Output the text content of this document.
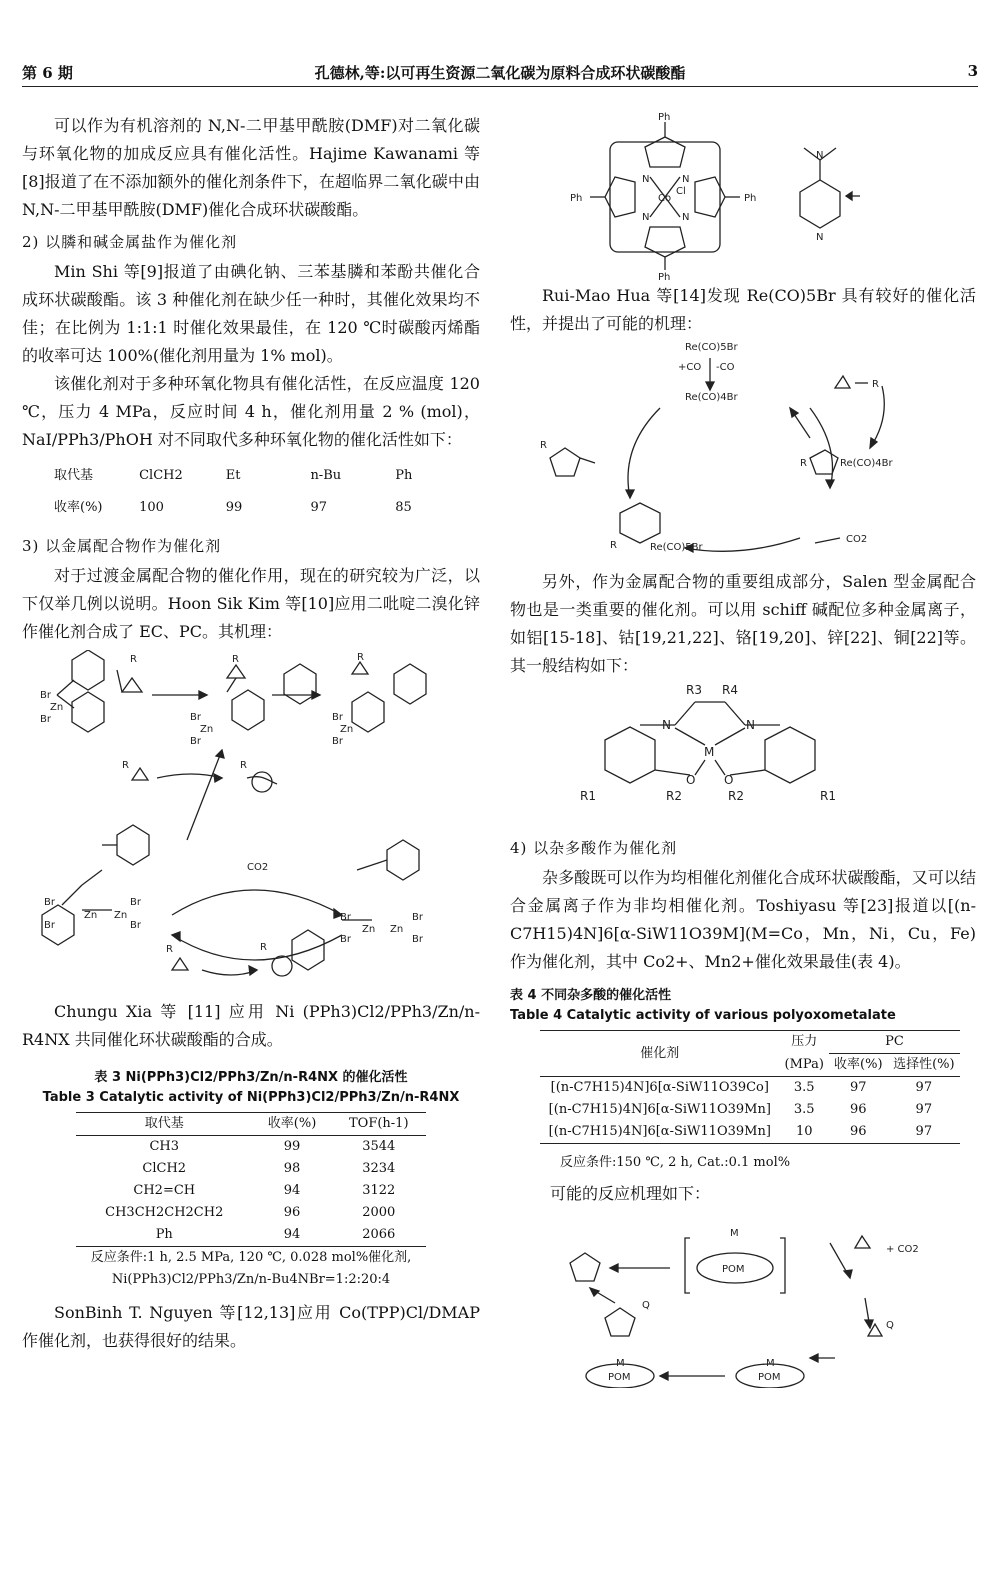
第 6 期	孔德林,等:以可再生资源二氧化碳为原料合成环状碳酸酯	3

可以作为有机溶剂的 N,N-二甲基甲酰胺(DMF)对二氧化碳与环氧化物的加成反应具有催化活性。Hajime Kawanami 等[8]报道了在不添加额外的催化剂条件下，在超临界二氧化碳中由 N,N-二甲基甲酰胺(DMF)催化合成环状碳酸酯。

2) 以膦和碱金属盐作为催化剂

Min Shi 等[9]报道了由碘化钠、三苯基膦和苯酚共催化合成环状碳酸酯。该 3 种催化剂在缺少任一种时，其催化效果均不佳；在比例为 1:1:1 时催化效果最佳，在 120 ℃时碳酸丙烯酯的收率可达 100%(催化剂用量为 1% mol)。

该催化剂对于多种环氧化物具有催化活性，在反应温度 120 ℃，压力 4 MPa，反应时间 4 h，催化剂用量 2 % (mol)，NaI/PPh3/PhOH 对不同取代多种环氧化物的催化活性如下：

取代基	ClCH2	Et	n-Bu	Ph
收率(%)	100	99	97	85
3) 以金属配合物作为催化剂

对于过渡金属配合物的催化作用，现在的研究较为广泛，以下仅举几例以说明。Hoon Sik Kim 等[10]应用二吡啶二溴化锌作催化剂合成了 EC、PC。其机理：

Br
Zn
Br
R
Br
Zn
Br
R
Br
Zn
Br
R
R	R
CO2
Br
Zn Zn
Br
Br
Br
Br
Zn Zn
Br
Br
Br
R	R

Chungu Xia 等 [11] 应用 Ni (PPh3)Cl2/PPh3/Zn/n-R4NX 共同催化环状碳酸酯的合成。

表 3 Ni(PPh3)Cl2/PPh3/Zn/n-R4NX 的催化活性
Table 3 Catalytic activity of Ni(PPh3)Cl2/PPh3/Zn/n-R4NX
取代基	收率(%)	TOF(h-1)
CH3	99	3544
ClCH2	98	3234
CH2=CH	94	3122
CH3CH2CH2CH2	96	2000
Ph	94	2066
反应条件:1 h, 2.5 MPa, 120 ℃, 0.028 mol%催化剂,
Ni(PPh3)Cl2/PPh3/Zn/n-Bu4NBr=1:2:20:4

SonBinh T. Nguyen 等[12,13]应用 Co(TPP)Cl/DMAP 作催化剂，也获得很好的结果。

Ph
Ph
Ph	Ph
Co
Cl
N	N
N	N
N
N

Rui-Mao Hua 等[14]发现 Re(CO)5Br 具有较好的催化活性，并提出了可能的机理：

Re(CO)5Br
+CO -CO
Re(CO)4Br
R
R
R	Re(CO)4Br
R	Re(CO)5Br
CO2

另外，作为金属配合物的重要组成部分，Salen 型金属配合物也是一类重要的催化剂。可以用 schiff 碱配位多种金属离子，如铝[15-18]、钴[19,21,22]、铬[19,20]、锌[22]、铜[22]等。其一般结构如下：

R3 R4
N	N
M
O O
R1	R2	R2	R1
4) 以杂多酸作为催化剂

杂多酸既可以作为均相催化剂催化合成环状碳酸酯，又可以结合金属离子作为非均相催化剂。Toshiyasu 等[23]报道以[(n-C7H15)4N]6[α-SiW11O39M](M=Co，Mn，Ni，Cu，Fe)作为催化剂，其中 Co2+、Mn2+催化效果最佳(表 4)。

表 4 不同杂多酸的催化活性
Table 4 Catalytic activity of various polyoxometalate
催化剂	压力	PC	
	(MPa)	收率(%)	选择性(%)
[(n-C7H15)4N]6[α-SiW11O39Co]	3.5	97	97
[(n-C7H15)4N]6[α-SiW11O39Mn]	3.5	96	97
[(n-C7H15)4N]6[α-SiW11O39Mn]	10	96	97
反应条件:150 ℃, 2 h, Cat.:0.1 mol%

可能的反应机理如下：

M
POM
+ CO2
Q
M
POM
M
POM
Q
